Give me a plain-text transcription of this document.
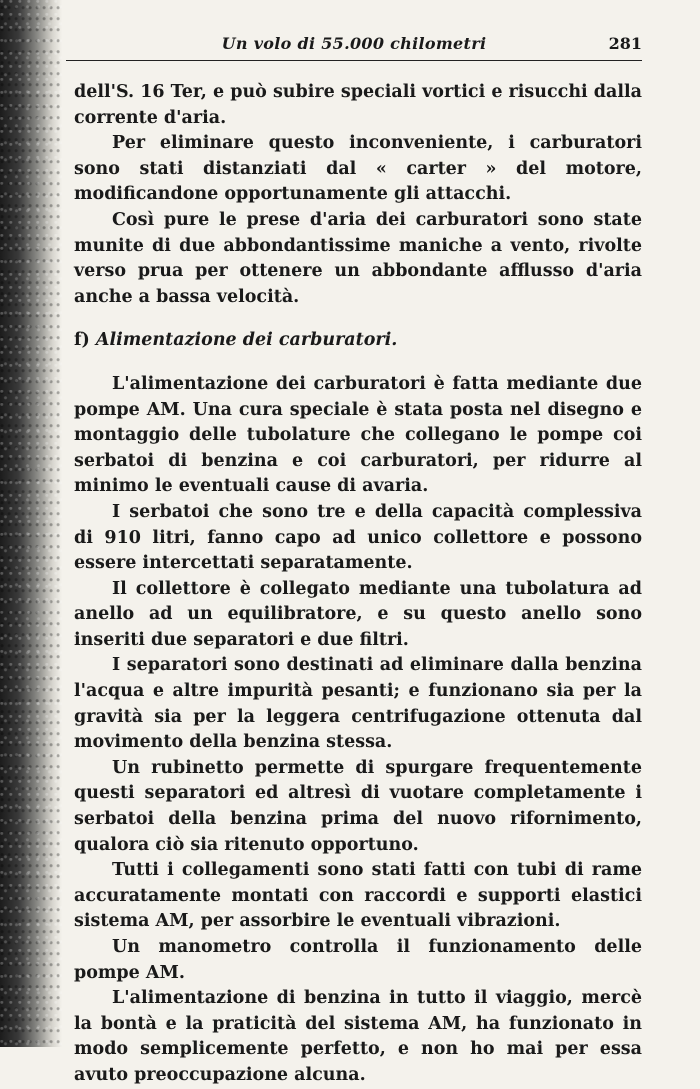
Un volo di 55.000 chilometri	281

dell'S. 16 Ter, e può subire speciali vortici e risucchi dalla corrente d'aria.

Per eliminare questo inconveniente, i carburatori sono stati distanziati dal « carter » del motore, modificandone opportunamente gli attacchi.

Così pure le prese d'aria dei carburatori sono state munite di due abbondantissime maniche a vento, rivolte verso prua per ottenere un abbondante afflusso d'aria anche a bassa velocità.

f) Alimentazione dei carburatori.

L'alimentazione dei carburatori è fatta mediante due pompe AM. Una cura speciale è stata posta nel disegno e montaggio delle tubolature che collegano le pompe coi serbatoi di benzina e coi carburatori, per ridurre al minimo le eventuali cause di avaria.

I serbatoi che sono tre e della capacità complessiva di 910 litri, fanno capo ad unico collettore e possono essere intercettati separatamente.

Il collettore è collegato mediante una tubolatura ad anello ad un equilibratore, e su questo anello sono inseriti due separatori e due filtri.

I separatori sono destinati ad eliminare dalla benzina l'acqua e altre impurità pesanti; e funzionano sia per la gravità sia per la leggera centrifugazione ottenuta dal movimento della benzina stessa.

Un rubinetto permette di spurgare frequentemente questi separatori ed altresì di vuotare completamente i serbatoi della benzina prima del nuovo rifornimento, qualora ciò sia ritenuto opportuno.

Tutti i collegamenti sono stati fatti con tubi di rame accuratamente montati con raccordi e supporti elastici sistema AM, per assorbire le eventuali vibrazioni.

Un manometro controlla il funzionamento delle pompe AM.

L'alimentazione di benzina in tutto il viaggio, mercè la bontà e la praticità del sistema AM, ha funzionato in modo semplicemente perfetto, e non ho mai per essa avuto preoccupazione alcuna.
